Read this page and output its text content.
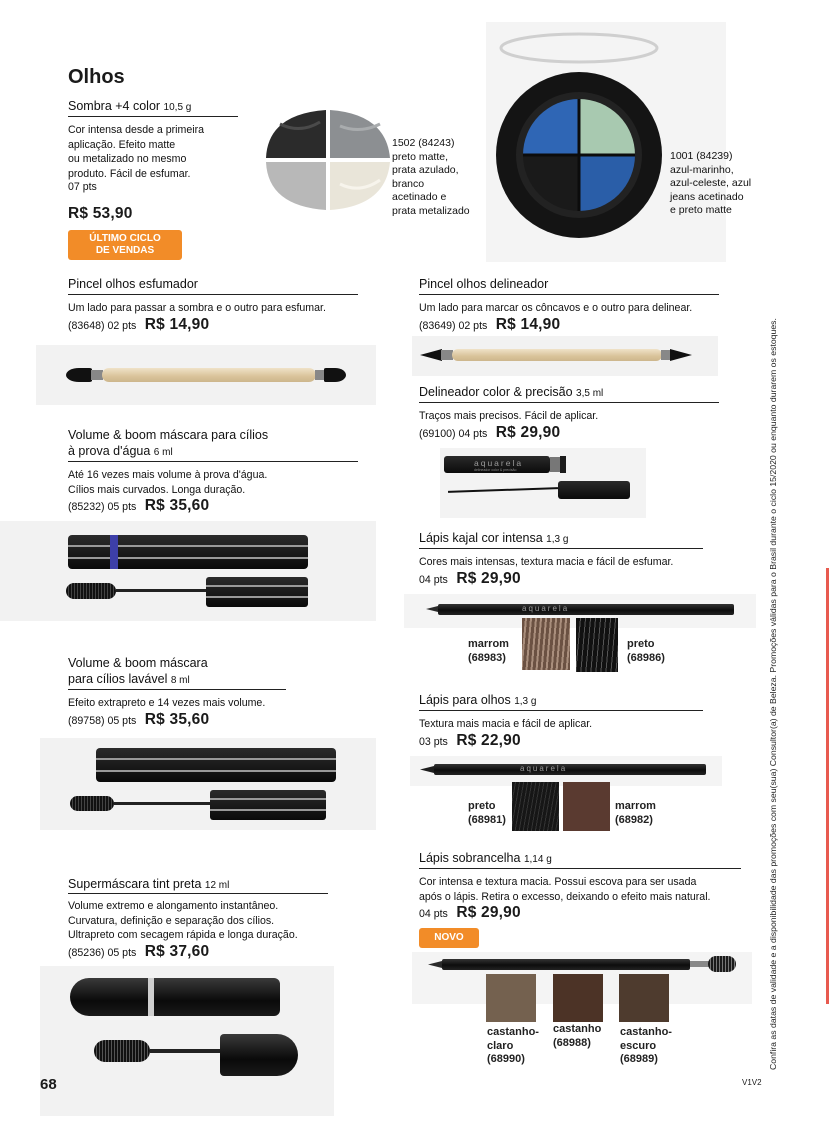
Olhos
Sombra +4 color 10,5 g
Cor intensa desde a primeira
aplicação. Efeito matte
ou metalizado no mesmo
produto. Fácil de esfumar.
07 pts
R$ 53,90
ÚLTIMO CICLO
DE VENDAS
1502 (84243)
preto matte,
prata azulado,
branco
acetinado e
prata metalizado
1001 (84239)
azul-marinho,
azul-celeste, azul
jeans acetinado
e preto matte
Pincel olhos esfumador
Um lado para passar a sombra e o outro para esfumar.
(83648) 02 pts R$ 14,90
Pincel olhos delineador
Um lado para marcar os côncavos e o outro para delinear.
(83649) 02 pts R$ 14,90
Delineador color & precisão 3,5 ml
Traços mais precisos. Fácil de aplicar.
(69100) 04 pts R$ 29,90
aquarela
delineador color & precisão
Volume & boom máscara para cílios
à prova d'água 6 ml
Até 16 vezes mais volume à prova d'água.
Cílios mais curvados. Longa duração.
(85232) 05 pts R$ 35,60
Lápis kajal cor intensa 1,3 g
Cores mais intensas, textura macia e fácil de esfumar.
04 pts R$ 29,90
aquarela
marrom
(68983)
preto
(68986)
Volume & boom máscara
para cílios lavável 8 ml
Efeito extrapreto e 14 vezes mais volume.
(89758) 05 pts R$ 35,60
Lápis para olhos 1,3 g
Textura mais macia e fácil de aplicar.
03 pts R$ 22,90
aquarela
preto
(68981)
marrom
(68982)
Lápis sobrancelha 1,14 g
Cor intensa e textura macia. Possui escova para ser usada
após o lápis. Retira o excesso, deixando o efeito mais natural.
04 pts R$ 29,90
NOVO
castanho-
claro
(68990)
castanho
(68988)
castanho-
escuro
(68989)
Supermáscara tint preta 12 ml
Volume extremo e alongamento instantâneo.
Curvatura, definição e separação dos cílios.
Ultrapreto com secagem rápida e longa duração.
(85236) 05 pts R$ 37,60
68	V1V2
Confira as datas de validade e a disponibilidade das promoções com seu(sua) Consultor(a) de Beleza. Promoções válidas para o Brasil durante o ciclo 15/2020 ou enquanto durarem os estoques.
